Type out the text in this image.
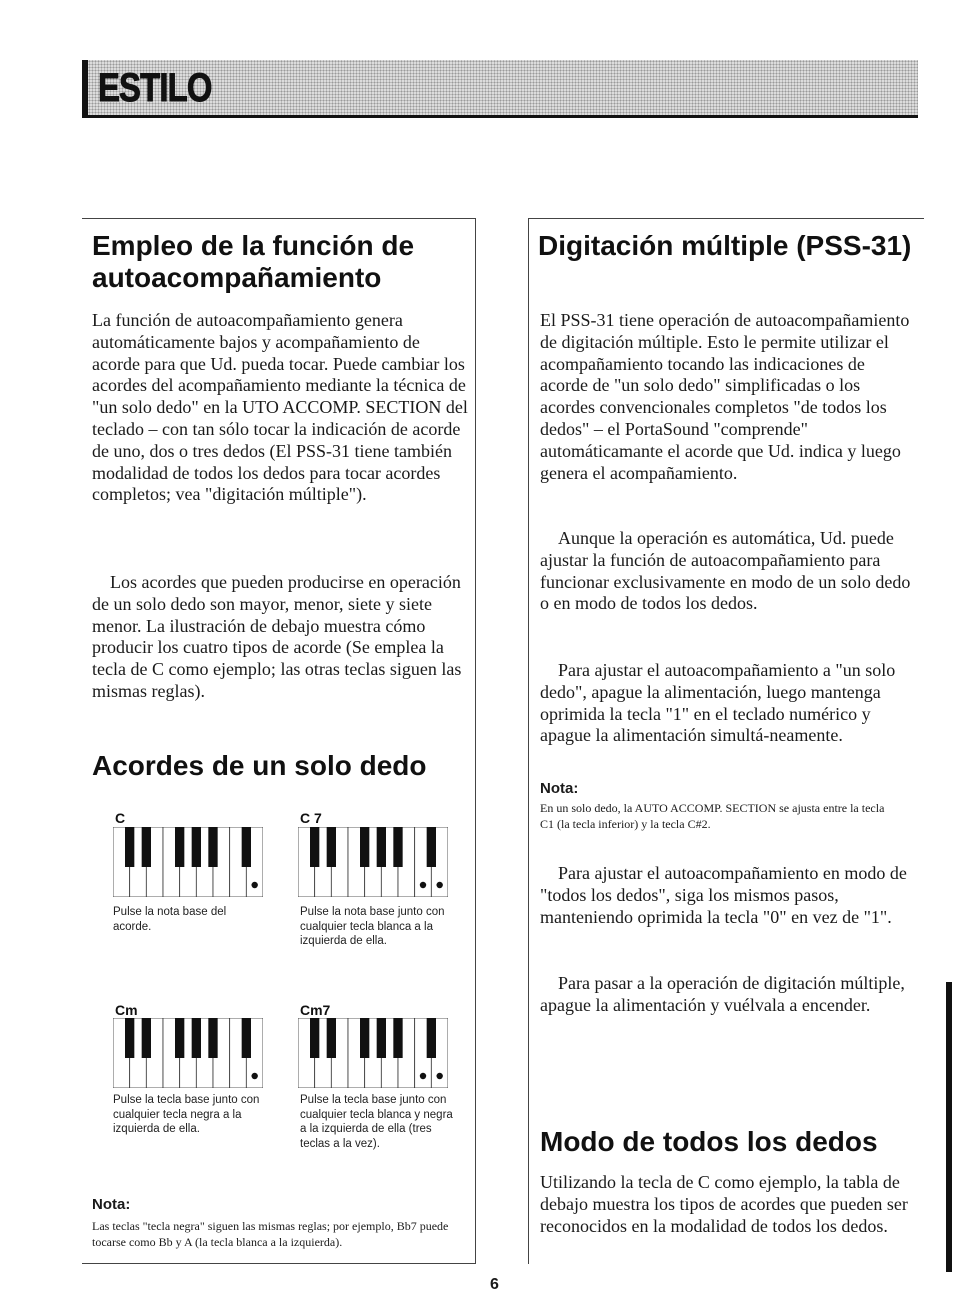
ESTILO
Empleo de la función de autoacompañamiento

La función de autoacompañamiento genera automáticamente bajos y acompañamiento de acorde para que Ud. pueda tocar. Puede cambiar los acordes del acompañamiento mediante la técnica de "un solo dedo" en la UTO ACCOMP. SECTION del teclado – con tan sólo tocar la indicación de acorde de uno, dos o tres dedos (El PSS-31 tiene también modalidad de todos los dedos para tocar acordes completos; vea "digitación múltiple").

Los acordes que pueden producirse en operación de un solo dedo son mayor, menor, siete y siete menor. La ilustración de debajo muestra cómo producir los cuatro tipos de acorde (Se emplea la tecla de C como ejemplo; las otras teclas siguen las mismas reglas).

Acordes de un solo dedo
C	C 7
Cm	Cm7
Pulse la nota base del acorde.
Pulse la nota base junto con cualquier tecla blanca a la izquierda de ella.
Pulse la tecla base junto con cualquier tecla negra a la izquierda de ella.
Pulse la tecla base junto con cualquier tecla blanca y negra a la izquierda de ella (tres teclas a la vez).
Nota:

Las teclas "tecla negra" siguen las mismas reglas; por ejemplo, Bb7 puede tocarse como Bb y A (la tecla blanca a la izquierda).

Digitación múltiple (PSS-31)

El PSS-31 tiene operación de autoacompañamiento de digitación múltiple. Esto le permite utilizar el acompañamiento tocando las indicaciones de acorde de "un solo dedo" simplificadas o los acordes convencionales completos "de todos los dedos" – el PortaSound "comprende" automáticamante el acorde que Ud. indica y luego genera el acompañamiento.

Aunque la operación es automática, Ud. puede ajustar la función de autoacompañamiento para funcionar exclusivamente en modo de un solo dedo o en modo de todos los dedos.

Para ajustar el autoacompañamiento a "un solo dedo", apague la alimentación, luego mantenga oprimida la tecla "1" en el teclado numérico y apague la alimentación simultá-neamente.

Nota:

En un solo dedo, la AUTO ACCOMP. SECTION se ajusta entre la tecla C1 (la tecla inferior) y la tecla C#2.

Para ajustar el autoacompañamiento en modo de "todos los dedos", siga los mismos pasos, manteniendo oprimida la tecla "0" en vez de "1".

Para pasar a la operación de digitación múltiple, apague la alimentación y vuélvala a encender.

Modo de todos los dedos

Utilizando la tecla de C como ejemplo, la tabla de debajo muestra los tipos de acordes que pueden ser reconocidos en la modalidad de todos los dedos.

6
